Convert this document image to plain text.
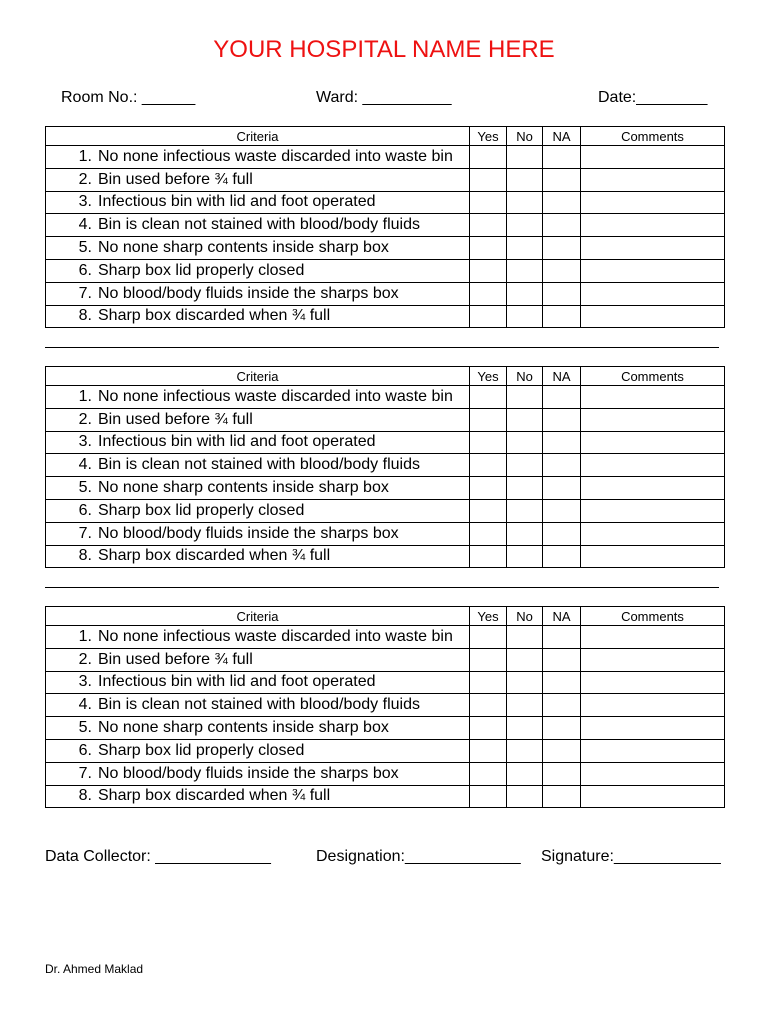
YOUR HOSPITAL NAME HERE
Room No.: ______	Ward: __________	Date:________
Criteria	Yes	No	NA	Comments
1. No none infectious waste discarded into waste bin				
2. Bin used before ¾ full				
3. Infectious bin with lid and foot operated				
4. Bin is clean not stained with blood/body fluids				
5. No none sharp contents inside sharp box				
6. Sharp box lid properly closed				
7. No blood/body fluids inside the sharps box				
8. Sharp box discarded when ¾ full				
Criteria	Yes	No	NA	Comments
1. No none infectious waste discarded into waste bin				
2. Bin used before ¾ full				
3. Infectious bin with lid and foot operated				
4. Bin is clean not stained with blood/body fluids				
5. No none sharp contents inside sharp box				
6. Sharp box lid properly closed				
7. No blood/body fluids inside the sharps box				
8. Sharp box discarded when ¾ full				
Criteria	Yes	No	NA	Comments
1. No none infectious waste discarded into waste bin				
2. Bin used before ¾ full				
3. Infectious bin with lid and foot operated				
4. Bin is clean not stained with blood/body fluids				
5. No none sharp contents inside sharp box				
6. Sharp box lid properly closed				
7. No blood/body fluids inside the sharps box				
8. Sharp box discarded when ¾ full				
Data Collector: _____________	Designation:_____________ Signature:____________
Dr. Ahmed Maklad
